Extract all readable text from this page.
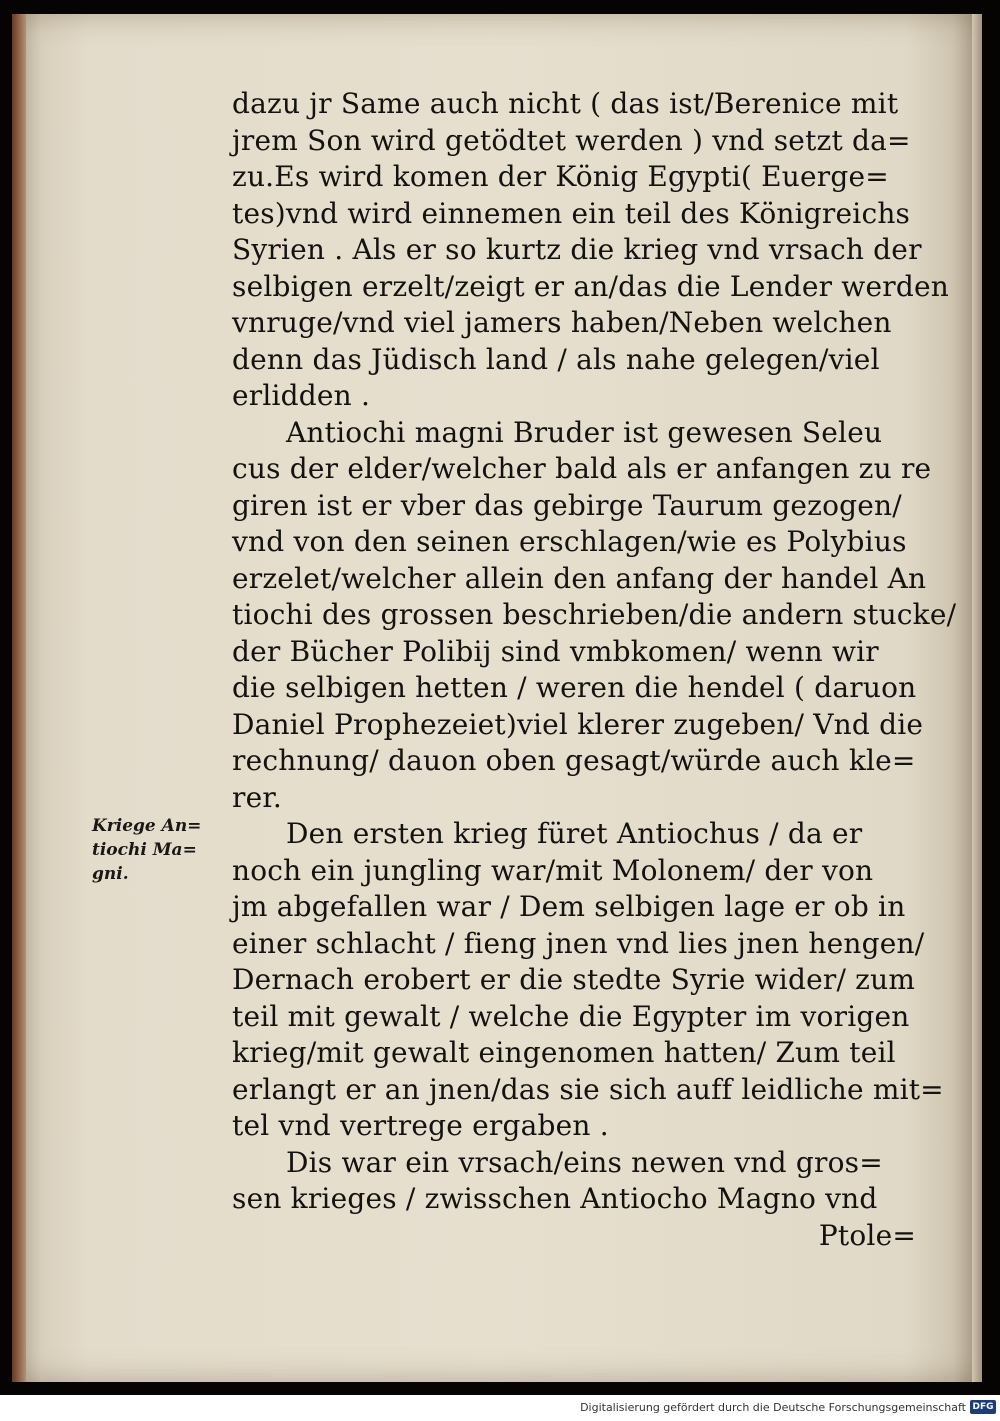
dazu jr Same auch nicht ( das ist/Berenice mit
jrem Son wird getödtet werden ) vnd setzt da=
zu.Es wird komen der König Egypti( Euerge=
tes)vnd wird einnemen ein teil des Königreichs
Syrien . Als er so kurtz die krieg vnd vrsach der
selbigen erzelt/zeigt er an/das die Lender werden
vnruge/vnd viel jamers haben/Neben welchen
denn das Jüdisch land / als nahe gelegen/viel
erlidden .
Antiochi magni Bruder ist gewesen Seleu
cus der elder/welcher bald als er anfangen zu re
giren ist er vber das gebirge Taurum gezogen/
vnd von den seinen erschlagen/wie es Polybius
erzelet/welcher allein den anfang der handel An
tiochi des grossen beschrieben/die andern stucke/
der Bücher Polibij sind vmbkomen/ wenn wir
die selbigen hetten / weren die hendel ( daruon
Daniel Prophezeiet)viel klerer zugeben/ Vnd die
rechnung/ dauon oben gesagt/würde auch kle=
rer.
Den ersten krieg füret Antiochus / da er
noch ein jungling war/mit Molonem/ der von
jm abgefallen war / Dem selbigen lage er ob in
einer schlacht / fieng jnen vnd lies jnen hengen/
Dernach erobert er die stedte Syrie wider/ zum
teil mit gewalt / welche die Egypter im vorigen
krieg/mit gewalt eingenomen hatten/ Zum teil
erlangt er an jnen/das sie sich auff leidliche mit=
tel vnd vertrege ergaben .
Dis war ein vrsach/eins newen vnd gros=
sen krieges / zwisschen Antiocho Magno vnd
Ptole=
Kriege An=
tiochi Ma=
gni.
Digitalisierung gefördert durch die Deutsche Forschungsgemeinschaft DFG
